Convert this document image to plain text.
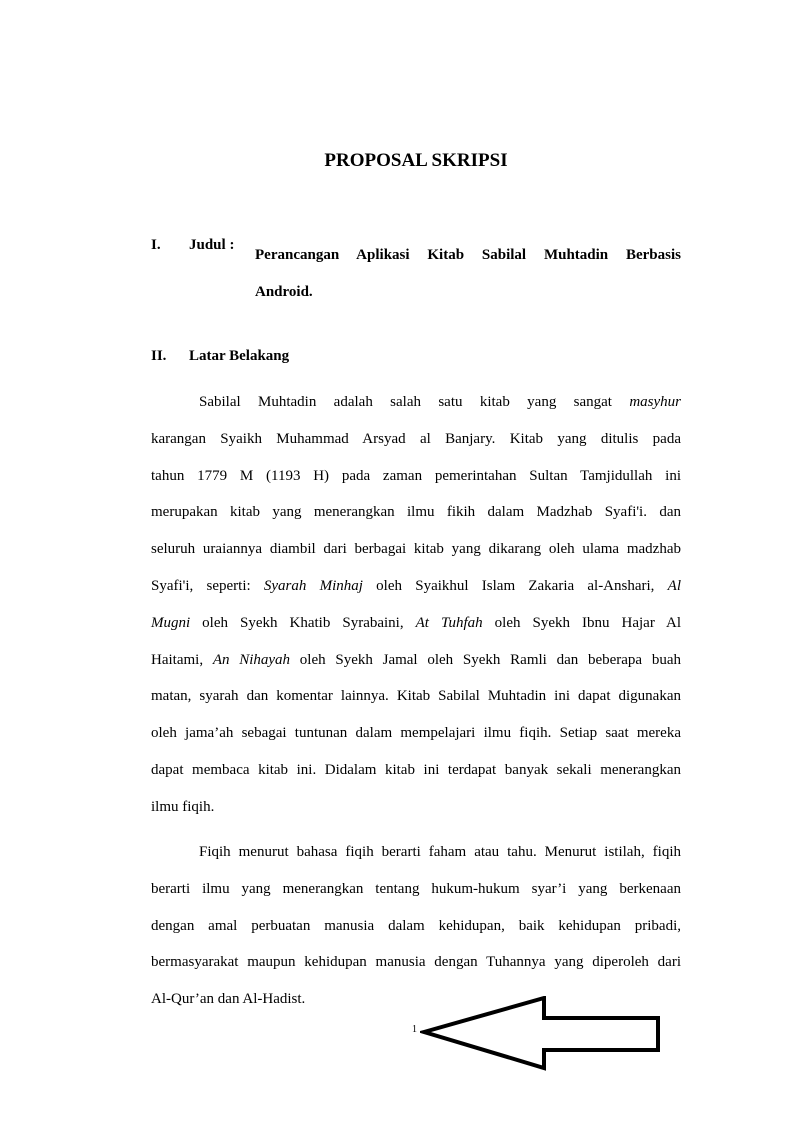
PROPOSAL SKRIPSI
I. Judul :

Perancangan Aplikasi Kitab Sabilal Muhtadin Berbasis
Android.

II. Latar Belakang
Sabilal Muhtadin adalah salah satu kitab yang sangat masyhur
karangan Syaikh Muhammad Arsyad al Banjary. Kitab yang ditulis pada
tahun 1779 M (1193 H) pada zaman pemerintahan Sultan Tamjidullah ini
merupakan kitab yang menerangkan ilmu fikih dalam Madzhab Syafi'i. dan
seluruh uraiannya diambil dari berbagai kitab yang dikarang oleh ulama madzhab
Syafi'i, seperti: Syarah Minhaj oleh Syaikhul Islam Zakaria al-Anshari, Al
Mugni oleh Syekh Khatib Syrabaini, At Tuhfah oleh Syekh Ibnu Hajar Al
Haitami, An Nihayah oleh Syekh Jamal oleh Syekh Ramli dan beberapa buah
matan, syarah dan komentar lainnya. Kitab Sabilal Muhtadin ini dapat digunakan
oleh jama’ah sebagai tuntunan dalam mempelajari ilmu fiqih. Setiap saat mereka
dapat membaca kitab ini. Didalam kitab ini terdapat banyak sekali menerangkan
ilmu fiqih.
Fiqih menurut bahasa fiqih berarti faham atau tahu. Menurut istilah, fiqih
berarti ilmu yang menerangkan tentang hukum-hukum syar’i yang berkenaan
dengan amal perbuatan manusia dalam kehidupan, baik kehidupan pribadi,
bermasyarakat maupun kehidupan manusia dengan Tuhannya yang diperoleh dari
Al-Qur’an dan Al-Hadist.
1
